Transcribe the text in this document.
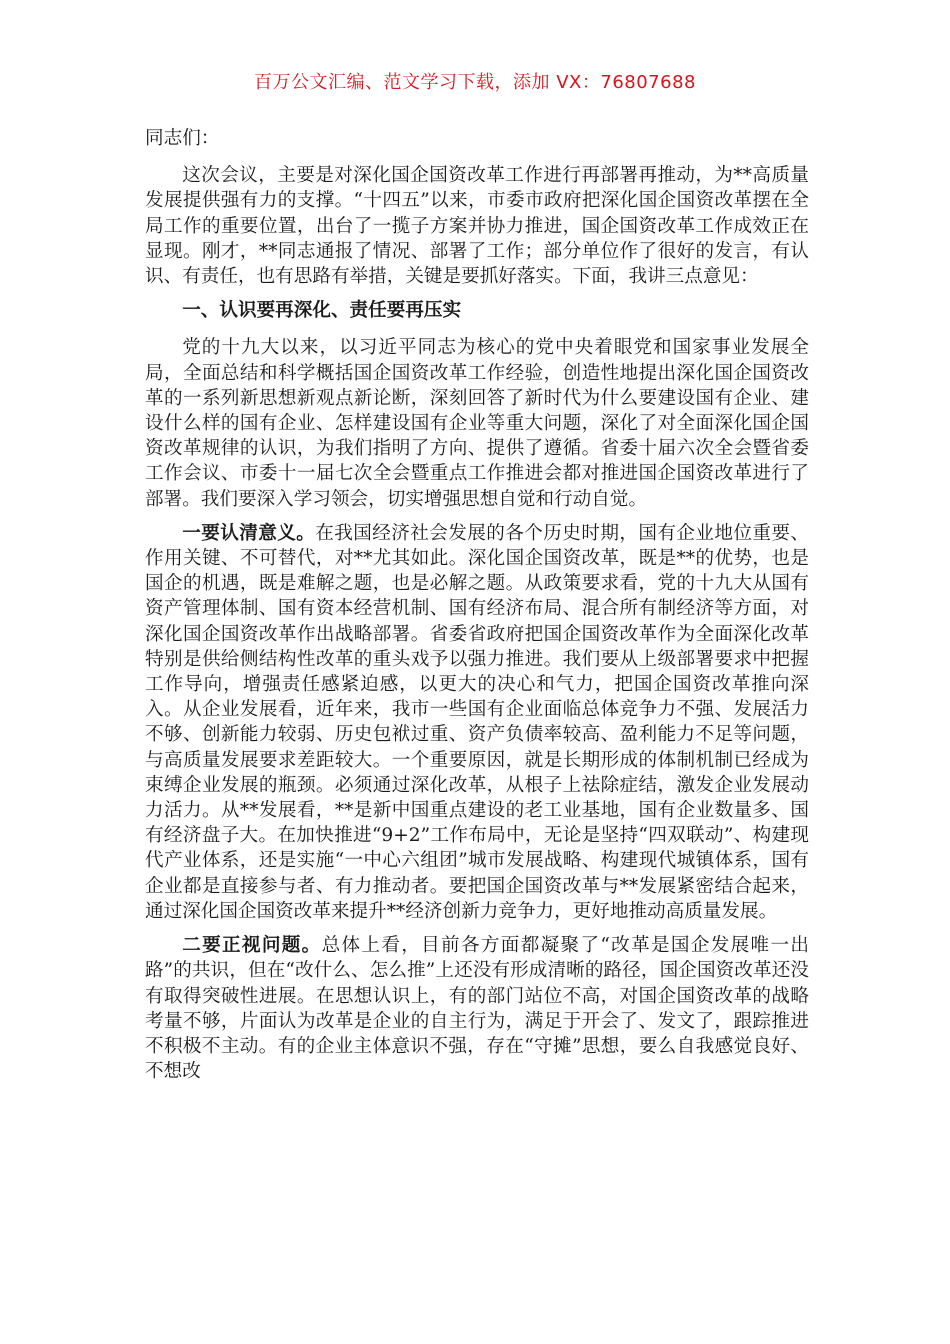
百万公文汇编、范文学习下载，添加 VX：76807688

同志们：

这次会议，主要是对深化国企国资改革工作进行再部署再推动，为**高质量发展提供强有力的支撑。“十四五”以来，市委市政府把深化国企国资改革摆在全局工作的重要位置，出台了一揽子方案并协力推进，国企国资改革工作成效正在显现。刚才，**同志通报了情况、部署了工作；部分单位作了很好的发言，有认识、有责任，也有思路有举措，关键是要抓好落实。下面，我讲三点意见：

一、认识要再深化、责任要再压实

党的十九大以来，以习近平同志为核心的党中央着眼党和国家事业发展全局，全面总结和科学概括国企国资改革工作经验，创造性地提出深化国企国资改革的一系列新思想新观点新论断，深刻回答了新时代为什么要建设国有企业、建设什么样的国有企业、怎样建设国有企业等重大问题，深化了对全面深化国企国资改革规律的认识，为我们指明了方向、提供了遵循。省委十届六次全会暨省委工作会议、市委十一届七次全会暨重点工作推进会都对推进国企国资改革进行了部署。我们要深入学习领会，切实增强思想自觉和行动自觉。

一要认清意义。在我国经济社会发展的各个历史时期，国有企业地位重要、作用关键、不可替代，对**尤其如此。深化国企国资改革，既是**的优势，也是国企的机遇，既是难解之题，也是必解之题。从政策要求看，党的十九大从国有资产管理体制、国有资本经营机制、国有经济布局、混合所有制经济等方面，对深化国企国资改革作出战略部署。省委省政府把国企国资改革作为全面深化改革特别是供给侧结构性改革的重头戏予以强力推进。我们要从上级部署要求中把握工作导向，增强责任感紧迫感，以更大的决心和气力，把国企国资改革推向深入。从企业发展看，近年来，我市一些国有企业面临总体竞争力不强、发展活力不够、创新能力较弱、历史包袱过重、资产负债率较高、盈利能力不足等问题，与高质量发展要求差距较大。一个重要原因，就是长期形成的体制机制已经成为束缚企业发展的瓶颈。必须通过深化改革，从根子上祛除症结，激发企业发展动力活力。从**发展看，**是新中国重点建设的老工业基地，国有企业数量多、国有经济盘子大。在加快推进“9+2”工作布局中，无论是坚持“四双联动”、构建现代产业体系，还是实施“一中心六组团”城市发展战略、构建现代城镇体系，国有企业都是直接参与者、有力推动者。要把国企国资改革与**发展紧密结合起来，通过深化国企国资改革来提升**经济创新力竞争力，更好地推动高质量发展。

二要正视问题。总体上看，目前各方面都凝聚了“改革是国企发展唯一出路”的共识，但在“改什么、怎么推”上还没有形成清晰的路径，国企国资改革还没有取得突破性进展。在思想认识上，有的部门站位不高，对国企国资改革的战略考量不够，片面认为改革是企业的自主行为，满足于开会了、发文了，跟踪推进不积极不主动。有的企业主体意识不强，存在“守摊”思想，要么自我感觉良好、不想改
